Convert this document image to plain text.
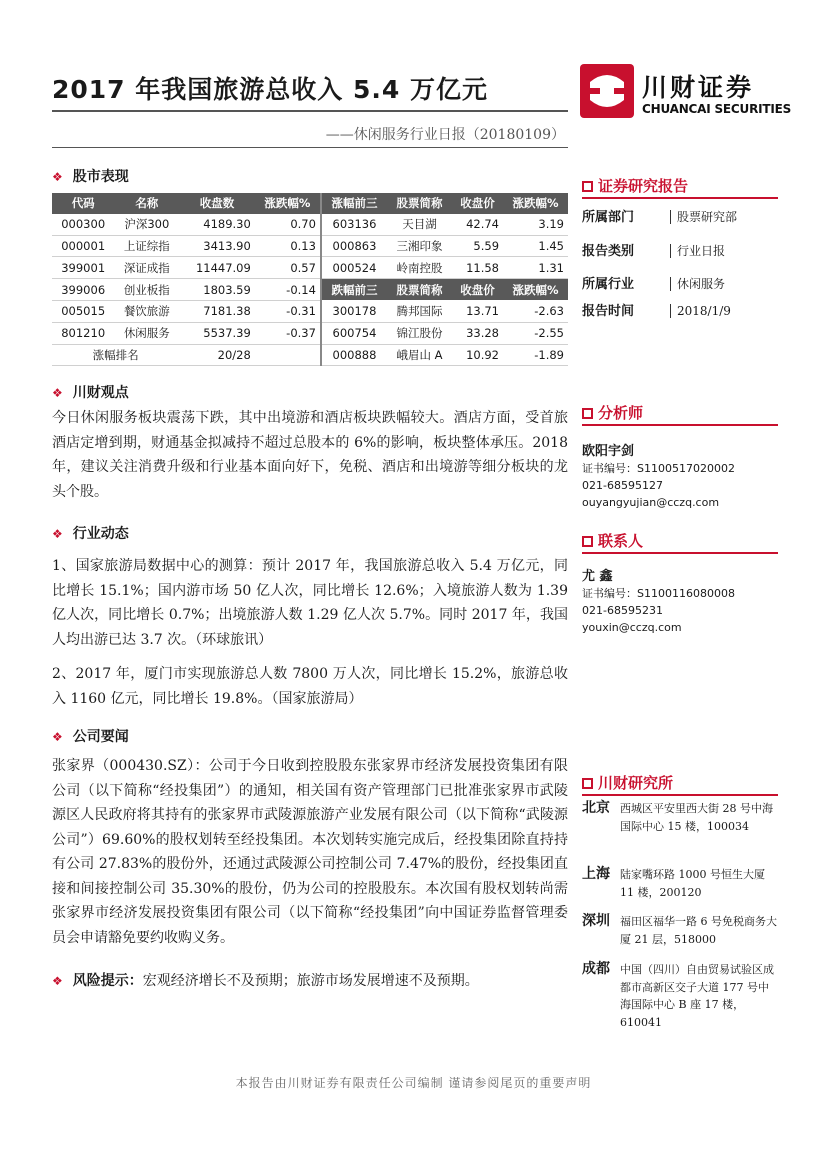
2017 年我国旅游总收入 5.4 万亿元	川财证券
CHUANCAI SECURITIES
——休闲服务行业日报（20180109）
❖ 股市表现
代码	名称	收盘数	涨跌幅%	涨幅前三	股票简称	收盘价	涨跌幅%
000300	沪深300	4189.30	0.70	603136	天目湖	42.74	3.19
000001	上证综指	3413.90	0.13	000863	三湘印象	5.59	1.45
399001	深证成指	11447.09	0.57	000524	岭南控股	11.58	1.31
399006	创业板指	1803.59	-0.14	跌幅前三	股票简称	收盘价	涨跌幅%
005015	餐饮旅游	7181.38	-0.31	300178	腾邦国际	13.71	-2.63
801210	休闲服务	5537.39	-0.37	600754	锦江股份	33.28	-2.55
涨幅排名		20/28		000888	峨眉山 A	10.92	-1.89
❖ 川财观点

今日休闲服务板块震荡下跌，其中出境游和酒店板块跌幅较大。酒店方面，受首旅酒店定增到期，财通基金拟减持不超过总股本的 6%的影响，板块整体承压。2018 年，建议关注消费升级和行业基本面向好下，免税、酒店和出境游等细分板块的龙头个股。

❖ 行业动态

1、国家旅游局数据中心的测算：预计 2017 年，我国旅游总收入 5.4 万亿元，同比增长 15.1%；国内游市场 50 亿人次，同比增长 12.6%；入境旅游人数为 1.39 亿人次，同比增长 0.7%；出境旅游人数 1.29 亿人次 5.7%。同时 2017 年，我国人均出游已达 3.7 次。（环球旅讯）

2、2017 年，厦门市实现旅游总人数 7800 万人次，同比增长 15.2%，旅游总收入 1160 亿元，同比增长 19.8%。（国家旅游局）

❖ 公司要闻

张家界（000430.SZ）：公司于今日收到控股股东张家界市经济发展投资集团有限公司（以下简称“经投集团”）的通知，相关国有资产管理部门已批准张家界市武陵源区人民政府将其持有的张家界市武陵源旅游产业发展有限公司（以下简称“武陵源公司”）69.60%的股权划转至经投集团。本次划转实施完成后，经投集团除直持持有公司 27.83%的股份外，还通过武陵源公司控制公司 7.47%的股份，经投集团直接和间接控制公司 35.30%的股份，仍为公司的控股股东。本次国有股权划转尚需张家界市经济发展投资集团有限公司（以下简称“经投集团”向中国证券监督管理委员会申请豁免要约收购义务。

❖ 风险提示：宏观经济增长不及预期；旅游市场发展增速不及预期。
证券研究报告
所属部门	股票研究部
报告类别	行业日报
所属行业	休闲服务
报告时间	2018/1/9
分析师
欧阳宇剑
证书编号：S1100517020002
021-68595127
ouyangyujian@cczq.com
联系人
尤 鑫
证书编号：S1100116080008
021-68595231
youxin@cczq.com
川财研究所
北京 西城区平安里西大街 28 号中海国际中心 15 楼，100034
上海 陆家嘴环路 1000 号恒生大厦 11 楼，200120
深圳 福田区福华一路 6 号免税商务大厦 21 层，518000
成都 中国（四川）自由贸易试验区成都市高新区交子大道 177 号中海国际中心 B 座 17 楼，610041
本报告由川财证券有限责任公司编制 谨请参阅尾页的重要声明
